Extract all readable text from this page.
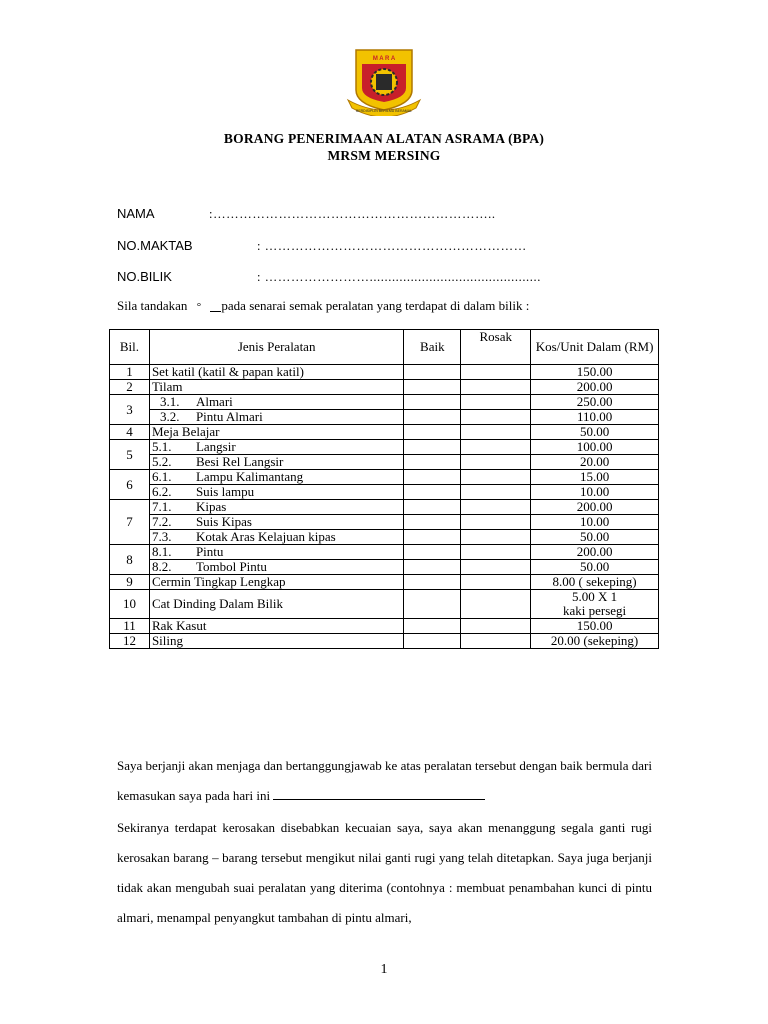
M A R A
BERDISIPLIN BERILMU BERAMAL
BORANG PENERIMAAN ALATAN ASRAMA (BPA)
MRSM MERSING
NAMA	:………………………………………………………..
NO.MAKTAB	: ……………………………………………………
NO.BILIK	: ……………………..............................................
Sila tandakan ° pada senarai semak peralatan yang terdapat di dalam bilik :
Bil.	Jenis Peralatan	Baik	Rosak	Kos/Unit Dalam (RM)
1	Set katil (katil & papan katil)			150.00
2	Tilam			200.00
3	3.1. Almari			250.00
	3.2. Pintu Almari			110.00
4	Meja Belajar			50.00
5	5.1. Langsir			100.00
	5.2. Besi Rel Langsir			20.00
6	6.1. Lampu Kalimantang			15.00
	6.2. Suis lampu			10.00
7	7.1. Kipas			200.00
	7.2. Suis Kipas			10.00
	7.3. Kotak Aras Kelajuan kipas			50.00
8	8.1. Pintu			200.00
	8.2. Tombol Pintu			50.00
9	Cermin Tingkap Lengkap			8.00 ( sekeping)
10	Cat Dinding Dalam Bilik			5.00 X 1
kaki persegi
11	Rak Kasut			150.00
12	Siling			20.00 (sekeping)
Saya berjanji akan menjaga dan bertanggungjawab ke atas peralatan tersebut dengan baik bermula dari kemasukan saya pada hari ini
Sekiranya terdapat kerosakan disebabkan kecuaian saya, saya akan menanggung segala ganti rugi kerosakan barang – barang tersebut mengikut nilai ganti rugi yang telah ditetapkan. Saya juga berjanji tidak akan mengubah suai peralatan yang diterima (contohnya : membuat penambahan kunci di pintu almari, menampal penyangkut tambahan di pintu almari,
1
